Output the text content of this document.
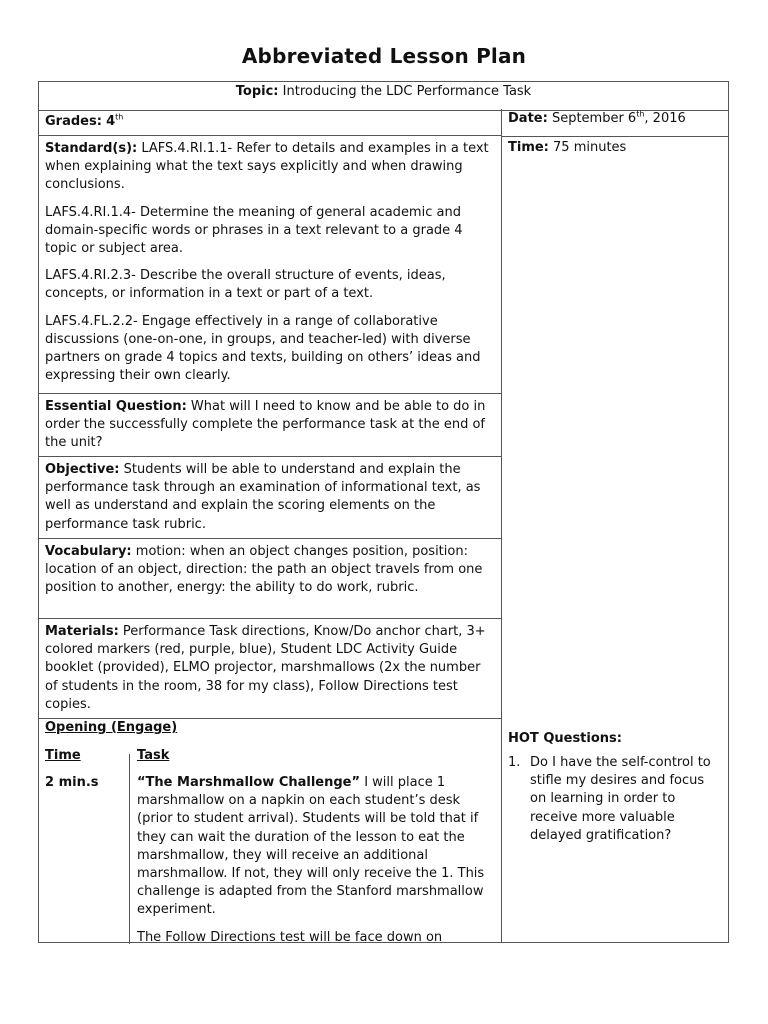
Abbreviated Lesson Plan
Topic: Introducing the LDC Performance Task
Grades: 4th

Standard(s): LAFS.4.RI.1.1- Refer to details and examples in a text when explaining what the text says explicitly and when drawing conclusions.

LAFS.4.RI.1.4- Determine the meaning of general academic and domain-specific words or phrases in a text relevant to a grade 4 topic or subject area.

LAFS.4.RI.2.3- Describe the overall structure of events, ideas, concepts, or information in a text or part of a text.

LAFS.4.FL.2.2- Engage effectively in a range of collaborative discussions (one-on-one, in groups, and teacher-led) with diverse partners on grade 4 topics and texts, building on others’ ideas and expressing their own clearly.

Essential Question: What will I need to know and be able to do in order the successfully complete the performance task at the end of the unit?
Objective: Students will be able to understand and explain the performance task through an examination of informational text, as well as understand and explain the scoring elements on the performance task rubric.
Vocabulary: motion: when an object changes position, position: location of an object, direction: the path an object travels from one position to another, energy: the ability to do work, rubric.
Materials: Performance Task directions, Know/Do anchor chart, 3+ colored markers (red, purple, blue), Student LDC Activity Guide booklet (provided), ELMO projector, marshmallows (2x the number of students in the room, 38 for my class), Follow Directions test copies.
Opening (Engage)
Time	Task
2 min.s	“The Marshmallow Challenge” I will place 1 marshmallow on a napkin on each student’s desk (prior to student arrival). Students will be told that if they can wait the duration of the lesson to eat the marshmallow, they will receive an additional marshmallow. If not, they will only receive the 1. This challenge is adapted from the Stanford marshmallow experiment.
The Follow Directions test will be face down on
Date: September 6th, 2016
Time: 75 minutes
HOT Questions:
1. Do I have the self-control to stifle my desires and focus on learning in order to receive more valuable delayed gratification?
